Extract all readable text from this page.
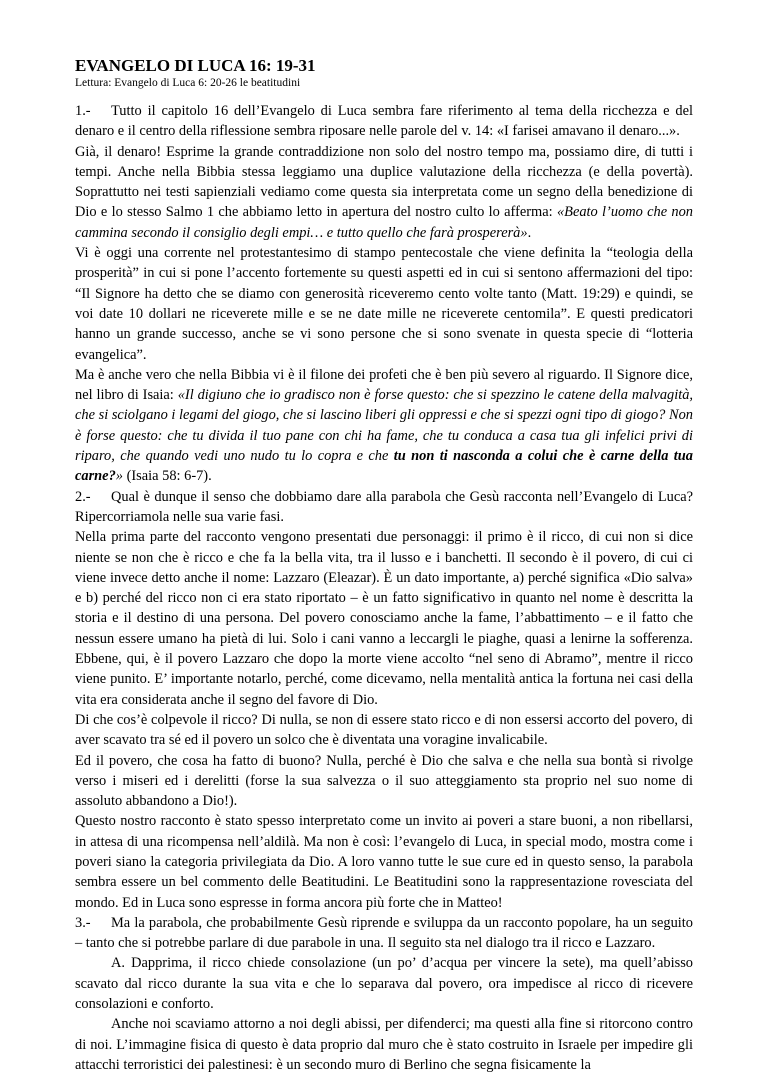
EVANGELO DI LUCA 16: 19-31
Lettura: Evangelo di Luca 6: 20-26 le beatitudini

1.- Tutto il capitolo 16 dell’Evangelo di Luca sembra fare riferimento al tema della ricchezza e del denaro e il centro della riflessione sembra riposare nelle parole del v. 14: «I farisei amavano il denaro...».

Già, il denaro! Esprime la grande contraddizione non solo del nostro tempo ma, possiamo dire, di tutti i tempi. Anche nella Bibbia stessa leggiamo una duplice valutazione della ricchezza (e della povertà). Soprattutto nei testi sapienziali vediamo come questa sia interpretata come un segno della benedizione di Dio e lo stesso Salmo 1 che abbiamo letto in apertura del nostro culto lo afferma: «Beato l’uomo che non cammina secondo il consiglio degli empi… e tutto quello che farà prospererà».

Vi è oggi una corrente nel protestantesimo di stampo pentecostale che viene definita la “teologia della prosperità” in cui si pone l’accento fortemente su questi aspetti ed in cui si sentono affermazioni del tipo: “Il Signore ha detto che se diamo con generosità riceveremo cento volte tanto (Matt. 19:29) e quindi, se voi date 10 dollari ne riceverete mille e se ne date mille ne riceverete centomila”. E questi predicatori hanno un grande successo, anche se vi sono persone che si sono svenate in questa specie di “lotteria evangelica”.

Ma è anche vero che nella Bibbia vi è il filone dei profeti che è ben più severo al riguardo. Il Signore dice, nel libro di Isaia: «Il digiuno che io gradisco non è forse questo: che si spezzino le catene della malvagità, che si sciolgano i legami del giogo, che si lascino liberi gli oppressi e che si spezzi ogni tipo di giogo? Non è forse questo: che tu divida il tuo pane con chi ha fame, che tu conduca a casa tua gli infelici privi di riparo, che quando vedi uno nudo tu lo copra e che tu non ti nasconda a colui che è carne della tua carne?» (Isaia 58: 6-7).

2.- Qual è dunque il senso che dobbiamo dare alla parabola che Gesù racconta nell’Evangelo di Luca? Ripercorriamola nelle sua varie fasi.

Nella prima parte del racconto vengono presentati due personaggi: il primo è il ricco, di cui non si dice niente se non che è ricco e che fa la bella vita, tra il lusso e i banchetti. Il secondo è il povero, di cui ci viene invece detto anche il nome: Lazzaro (Eleazar). È un dato importante, a) perché significa «Dio salva» e b) perché del ricco non ci era stato riportato – è un fatto significativo in quanto nel nome è descritta la storia e il destino di una persona. Del povero conosciamo anche la fame, l’abbattimento – e il fatto che nessun essere umano ha pietà di lui. Solo i cani vanno a leccargli le piaghe, quasi a lenirne la sofferenza. Ebbene, qui, è il povero Lazzaro che dopo la morte viene accolto “nel seno di Abramo”, mentre il ricco viene punito. E’ importante notarlo, perché, come dicevamo, nella mentalità antica la fortuna nei casi della vita era considerata anche il segno del favore di Dio.

Di che cos’è colpevole il ricco? Di nulla, se non di essere stato ricco e di non essersi accorto del povero, di aver scavato tra sé ed il povero un solco che è diventata una voragine invalicabile.

Ed il povero, che cosa ha fatto di buono? Nulla, perché è Dio che salva e che nella sua bontà si rivolge verso i miseri ed i derelitti (forse la sua salvezza o il suo atteggiamento sta proprio nel suo nome di assoluto abbandono a Dio!).

Questo nostro racconto è stato spesso interpretato come un invito ai poveri a stare buoni, a non ribellarsi, in attesa di una ricompensa nell’aldilà. Ma non è così: l’evangelo di Luca, in special modo, mostra come i poveri siano la categoria privilegiata da Dio. A loro vanno tutte le sue cure ed in questo senso, la parabola sembra essere un bel commento delle Beatitudini. Le Beatitudini sono la rappresentazione rovesciata del mondo. Ed in Luca sono espresse in forma ancora più forte che in Matteo!

3.- Ma la parabola, che probabilmente Gesù riprende e sviluppa da un racconto popolare, ha un seguito – tanto che si potrebbe parlare di due parabole in una. Il seguito sta nel dialogo tra il ricco e Lazzaro.

A. Dapprima, il ricco chiede consolazione (un po’ d’acqua per vincere la sete), ma quell’abisso scavato dal ricco durante la sua vita e che lo separava dal povero, ora impedisce al ricco di ricevere consolazioni e conforto.

Anche noi scaviamo attorno a noi degli abissi, per difenderci; ma questi alla fine si ritorcono contro di noi. L’immagine fisica di questo è data proprio dal muro che è stato costruito in Israele per impedire gli attacchi terroristici dei palestinesi: è un secondo muro di Berlino che segna fisicamente la
